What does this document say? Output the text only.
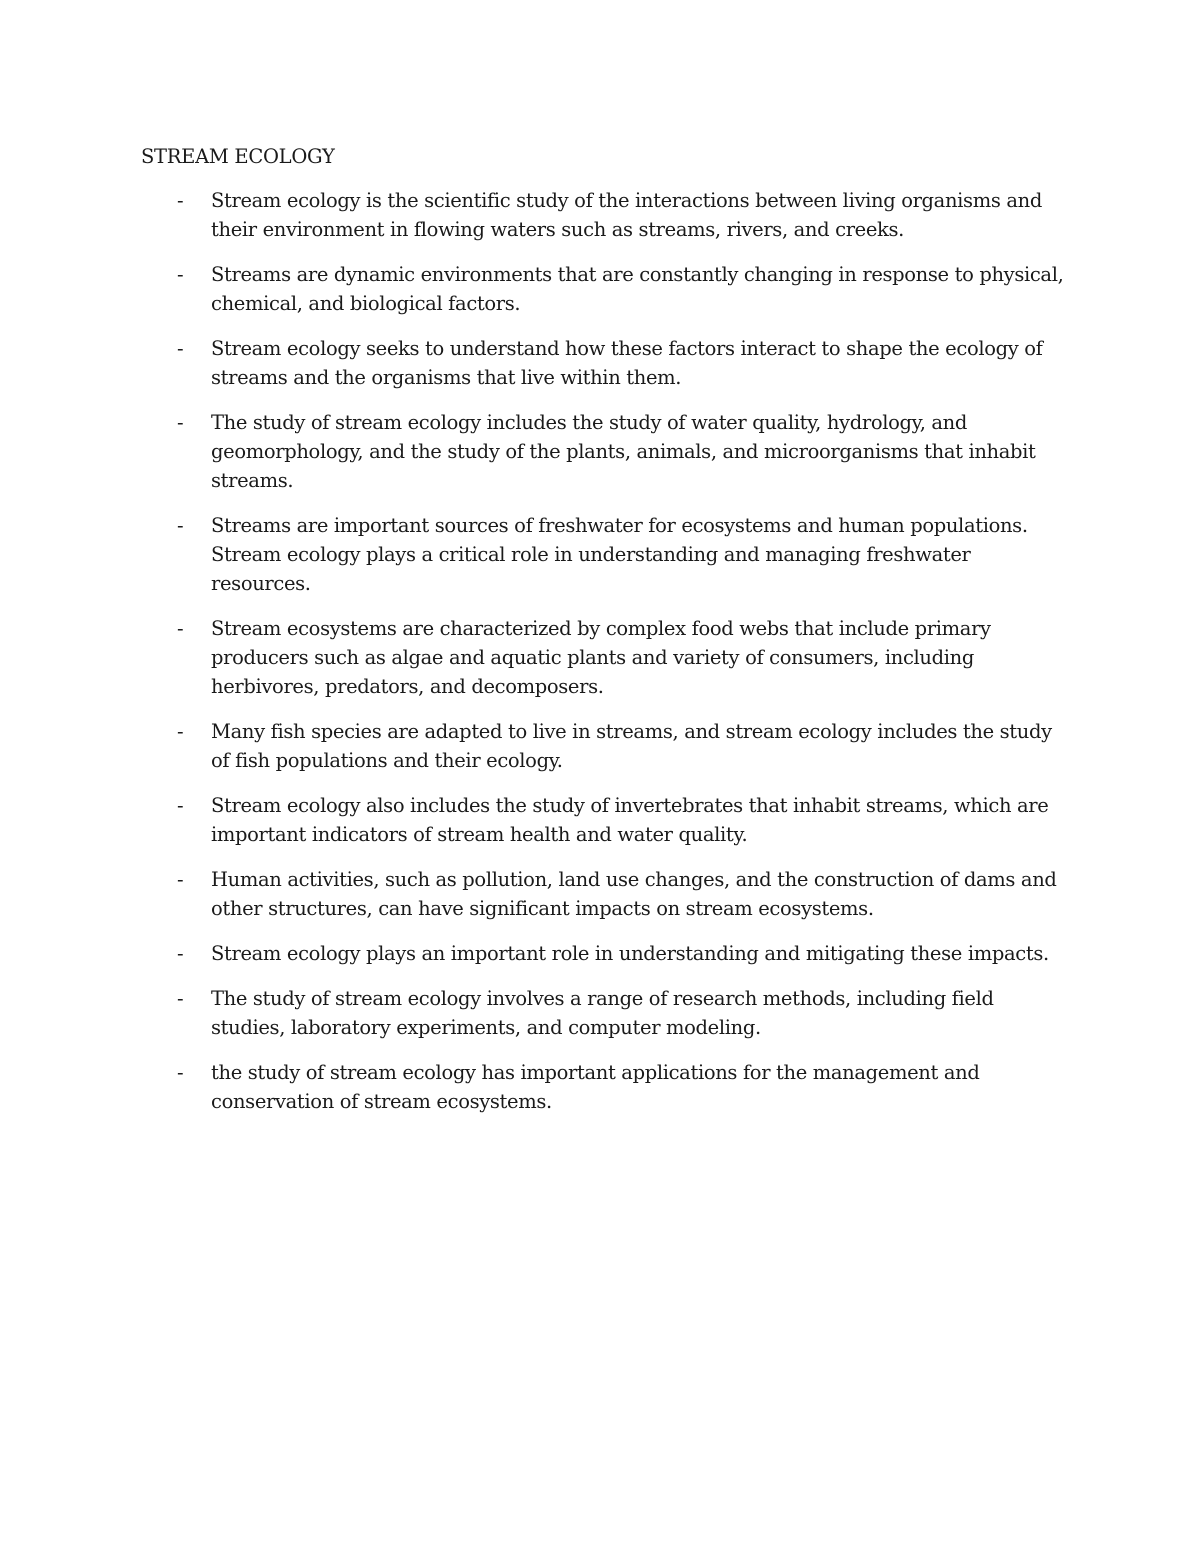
STREAM ECOLOGY
- Stream ecology is the scientific study of the interactions between living organisms and their environment in flowing waters such as streams, rivers, and creeks.
- Streams are dynamic environments that are constantly changing in response to physical, chemical, and biological factors.
- Stream ecology seeks to understand how these factors interact to shape the ecology of streams and the organisms that live within them.
- The study of stream ecology includes the study of water quality, hydrology, and geomorphology, and the study of the plants, animals, and microorganisms that inhabit streams.
- Streams are important sources of freshwater for ecosystems and human populations. Stream ecology plays a critical role in understanding and managing freshwater resources.
- Stream ecosystems are characterized by complex food webs that include primary producers such as algae and aquatic plants and variety of consumers, including herbivores, predators, and decomposers.
- Many fish species are adapted to live in streams, and stream ecology includes the study of fish populations and their ecology.
- Stream ecology also includes the study of invertebrates that inhabit streams, which are important indicators of stream health and water quality.
- Human activities, such as pollution, land use changes, and the construction of dams and other structures, can have significant impacts on stream ecosystems.
- Stream ecology plays an important role in understanding and mitigating these impacts.
- The study of stream ecology involves a range of research methods, including field studies, laboratory experiments, and computer modeling.
- the study of stream ecology has important applications for the management and conservation of stream ecosystems.
